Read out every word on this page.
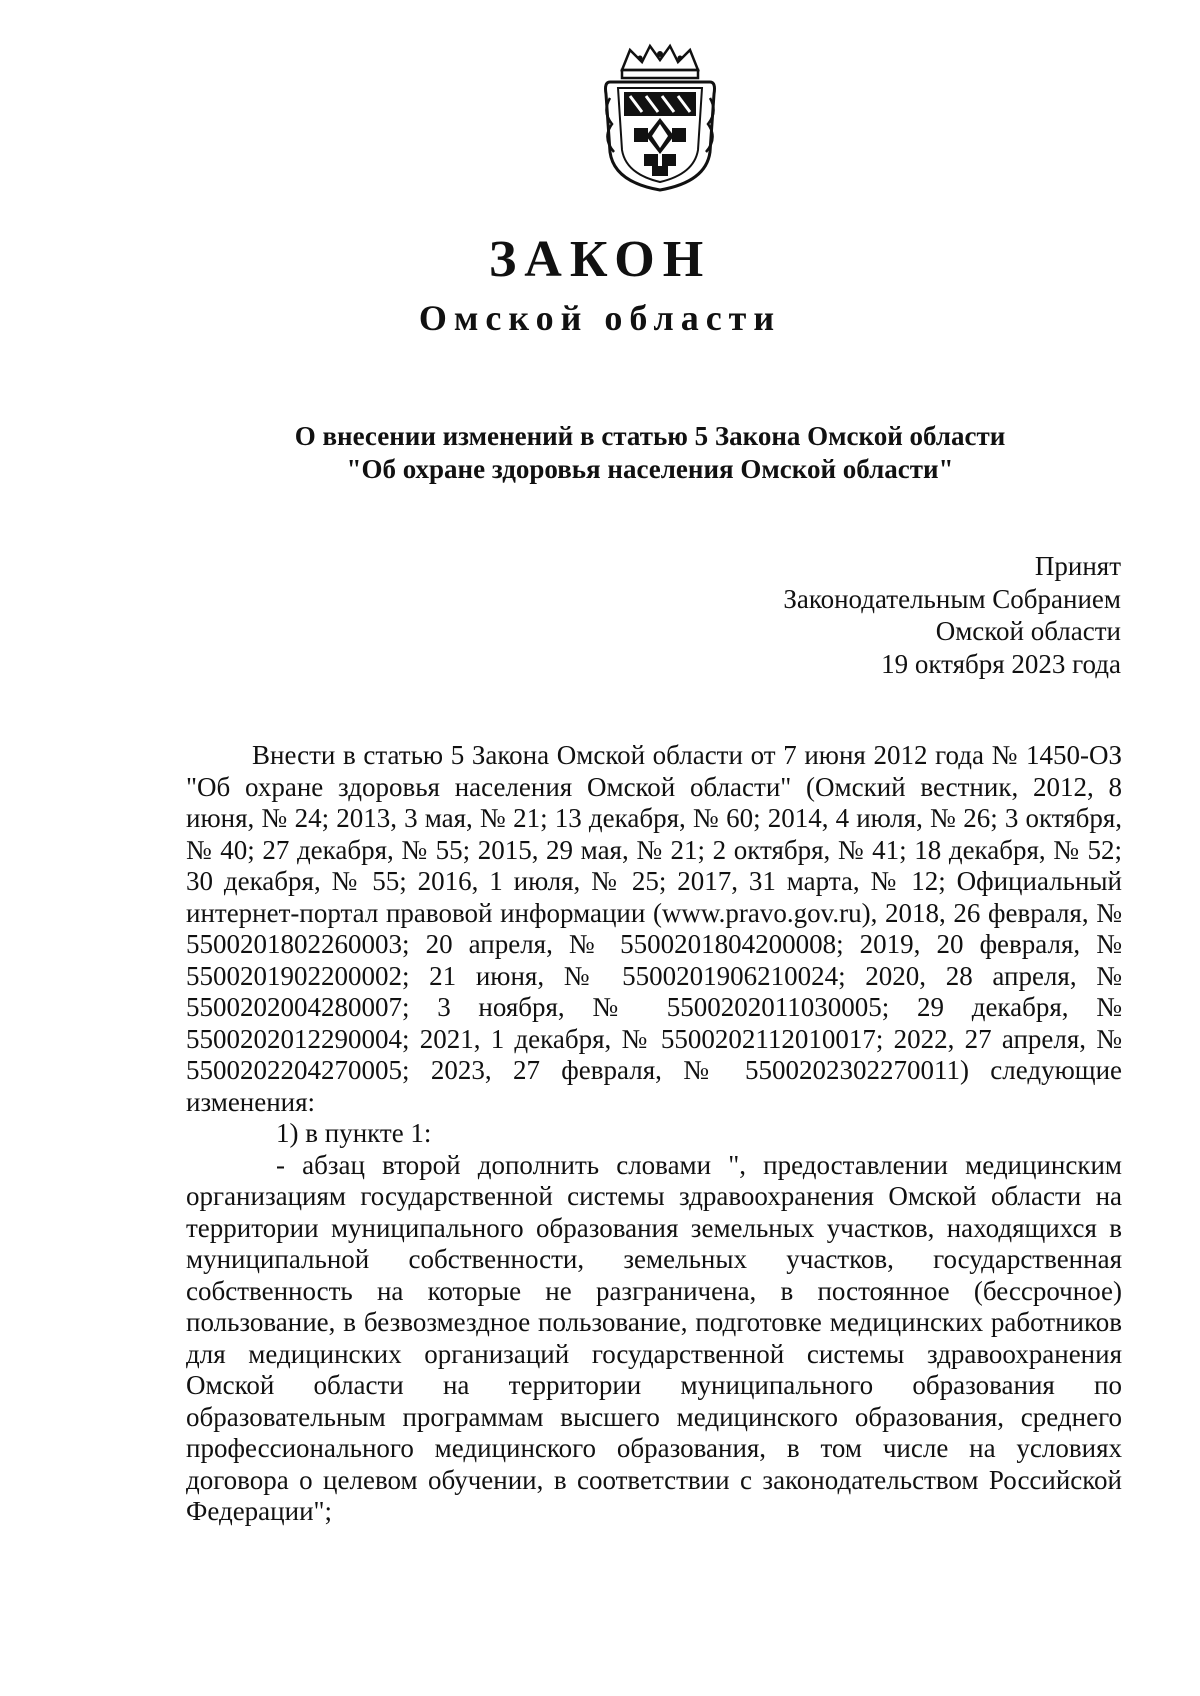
ЗАКОН
Омской области
О внесении изменений в статью 5 Закона Омской области
"Об охране здоровья населения Омской области"
Принят
Законодательным Собранием
Омской области
19 октября 2023 года

Внести в статью 5 Закона Омской области от 7 июня 2012 года № 1450-ОЗ "Об охране здоровья населения Омской области" (Омский вестник, 2012, 8 июня, № 24; 2013, 3 мая, № 21; 13 декабря, № 60; 2014, 4 июля, № 26; 3 октября, № 40; 27 декабря, № 55; 2015, 29 мая, № 21; 2 октября, № 41; 18 декабря, № 52; 30 декабря, № 55; 2016, 1 июля, № 25; 2017, 31 марта, № 12; Официальный интернет-портал правовой информации (www.pravo.gov.ru), 2018, 26 февраля, № 5500201802260003; 20 апреля, № 5500201804200008; 2019, 20 февраля, № 5500201902200002; 21 июня, № 5500201906210024; 2020, 28 апреля, № 5500202004280007; 3 ноября, № 5500202011030005; 29 декабря, № 5500202012290004; 2021, 1 декабря, № 5500202112010017; 2022, 27 апреля, № 5500202204270005; 2023, 27 февраля, № 5500202302270011) следующие изменения:

1) в пункте 1:

- абзац второй дополнить словами ", предоставлении медицинским организациям государственной системы здравоохранения Омской области на территории муниципального образования земельных участков, находящихся в муниципальной собственности, земельных участков, государственная собственность на которые не разграничена, в постоянное (бессрочное) пользование, в безвозмездное пользование, подготовке медицинских работников для медицинских организаций государственной системы здравоохранения Омской области на территории муниципального образования по образовательным программам высшего медицинского образования, среднего профессионального медицинского образования, в том числе на условиях договора о целевом обучении, в соответствии с законодательством Российской Федерации";
